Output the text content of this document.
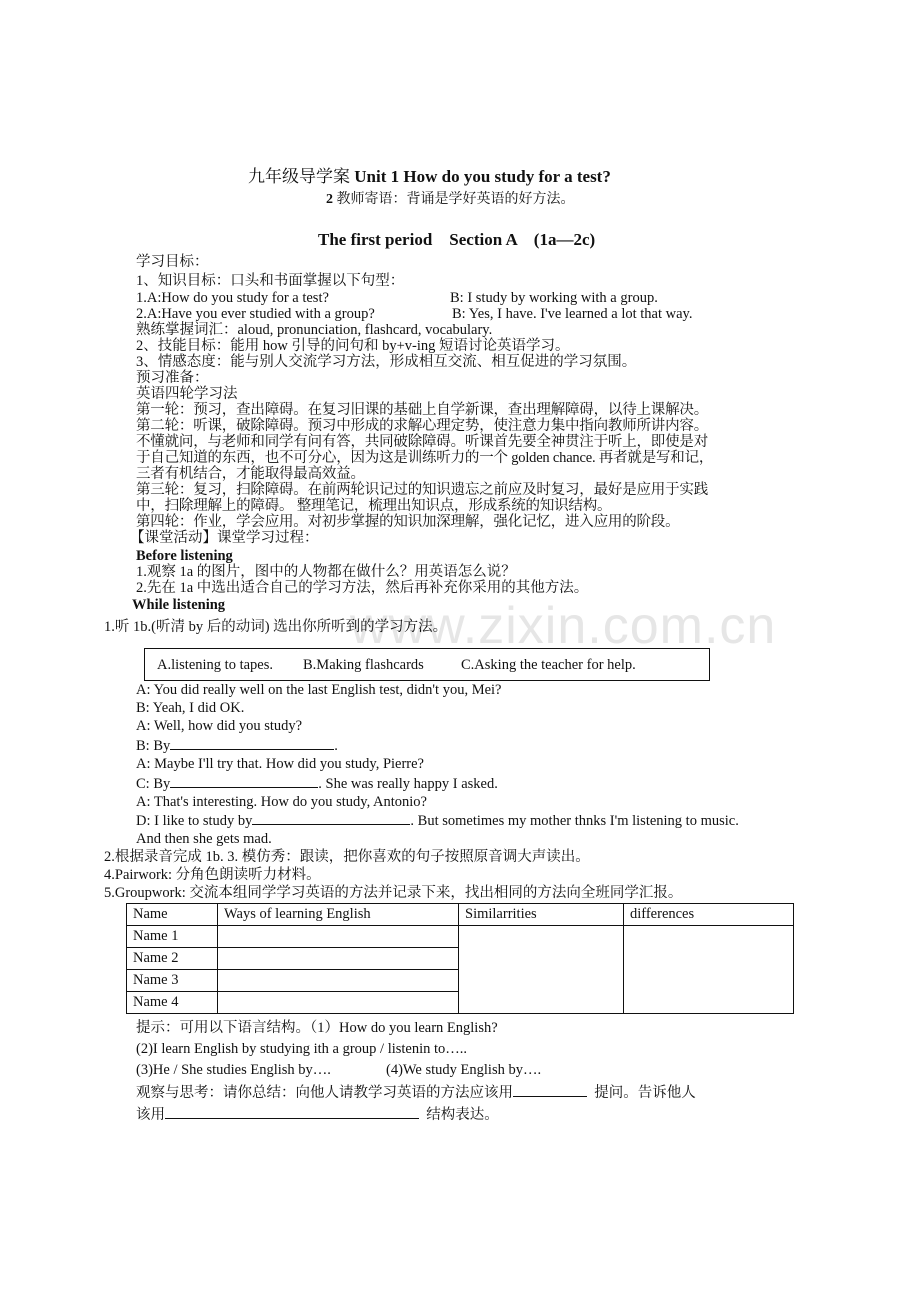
www.zixin.com.cn
九年级导学案 Unit 1 How do you study for a test?
2 教师寄语：背诵是学好英语的好方法。
The first period    Section A    (1a—2c)
学习目标：
1、知识目标：口头和书面掌握以下句型：
1.A:How do you study for a test?	B: I study by working with a group.
2.A:Have you ever studied with a group?	B: Yes, I have. I've learned a lot that way.
熟练掌握词汇：aloud, pronunciation, flashcard, vocabulary.
2、技能目标：能用 how 引导的问句和 by+v-ing 短语讨论英语学习。
3、情感态度：能与别人交流学习方法，形成相互交流、相互促进的学习氛围。
预习准备：
英语四轮学习法
第一轮：预习，查出障碍。在复习旧课的基础上自学新课，查出理解障碍，以待上课解决。
第二轮：听课，破除障碍。预习中形成的求解心理定势，使注意力集中指向教师所讲内容。
不懂就问，与老师和同学有问有答，共同破除障碍。听课首先要全神贯注于听上，即使是对
于自己知道的东西，也不可分心，因为这是训练听力的一个 golden chance. 再者就是写和记，
三者有机结合，才能取得最高效益。
第三轮：复习，扫除障碍。在前两轮识记过的知识遗忘之前应及时复习，最好是应用于实践
中，扫除理解上的障碍。 整理笔记，梳理出知识点，形成系统的知识结构。
第四轮：作业，学会应用。对初步掌握的知识加深理解，强化记忆，进入应用的阶段。
【课堂活动】课堂学习过程：
Before listening
1.观察 1a 的图片，图中的人物都在做什么？用英语怎么说？
2.先在 1a 中选出适合自己的学习方法，然后再补充你采用的其他方法。
While listening
1.听 1b.(听清 by 后的动词) 选出你所听到的学习方法。
A.listening to tapes. B.Making flashcards	C.Asking the teacher for help.
A: You did really well on the last English test, didn't you, Mei?
B: Yeah, I did OK.
A: Well, how did you study?
B: By	.
A: Maybe I'll try that. How did you study, Pierre?
C: By	. She was really happy I asked.
A: That's interesting. How do you study, Antonio?
D: I like to study by	. But sometimes my mother thnks I'm listening to music.
And then she gets mad.
2.根据录音完成 1b. 3. 模仿秀：跟读，把你喜欢的句子按照原音调大声读出。
4.Pairwork: 分角色朗读听力材料。
5.Groupwork: 交流本组同学学习英语的方法并记录下来，找出相同的方法向全班同学汇报。
Name	Ways of learning English	Similarrities	differences
Name 1			
Name 2			
Name 3			
Name 4			
提示：可用以下语言结构。（1）How do you learn English?
(2)I learn English by studying ith a group / listenin to…..
(3)He / She studies English by….	(4)We study English by….
观察与思考：请你总结：向他人请教学习英语的方法应该用	提问。告诉他人
该用	结构表达。
